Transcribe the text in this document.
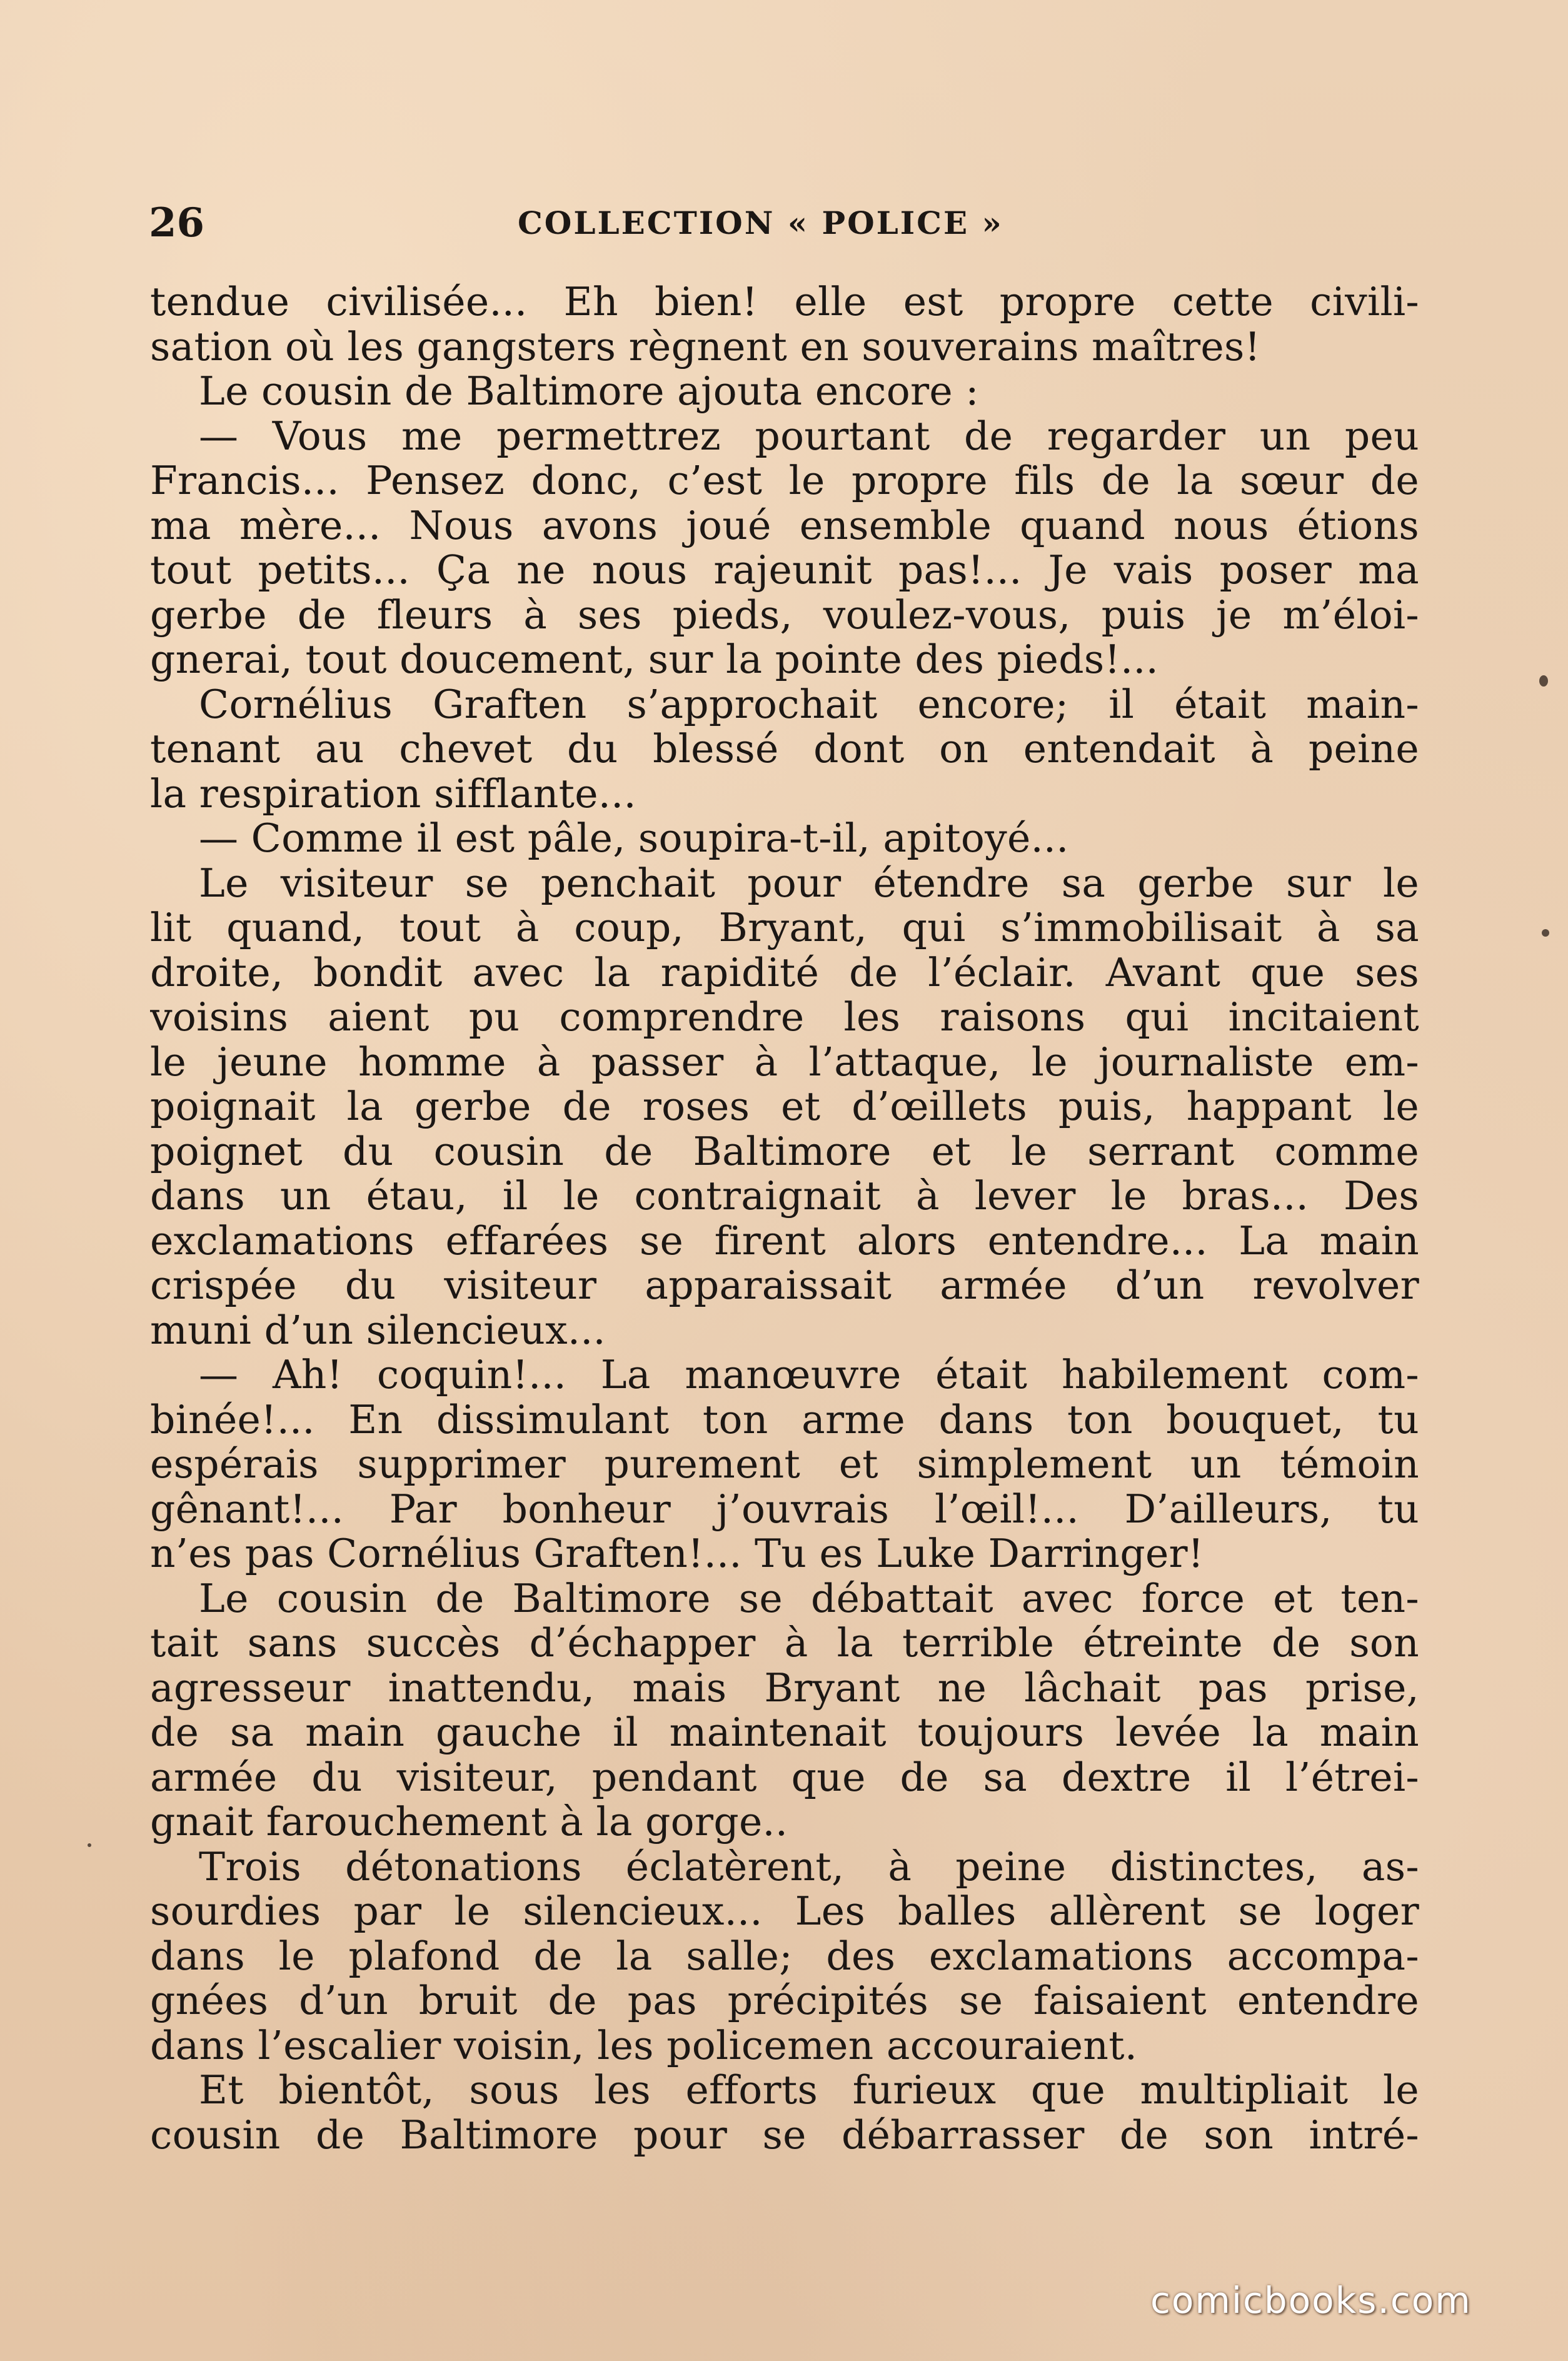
26	COLLECTION « POLICE »
tendue civilisée... Eh bien! elle est propre cette civili-
sation où les gangsters règnent en souverains maîtres!
Le cousin de Baltimore ajouta encore :
— Vous me permettrez pourtant de regarder un peu
Francis... Pensez donc, c’est le propre fils de la sœur de
ma mère... Nous avons joué ensemble quand nous étions
tout petits... Ça ne nous rajeunit pas!... Je vais poser ma
gerbe de fleurs à ses pieds, voulez-vous, puis je m’éloi-
gnerai, tout doucement, sur la pointe des pieds!...
Cornélius Graften s’approchait encore; il était main-
tenant au chevet du blessé dont on entendait à peine
la respiration sifflante...
— Comme il est pâle, soupira-t-il, apitoyé...
Le visiteur se penchait pour étendre sa gerbe sur le
lit quand, tout à coup, Bryant, qui s’immobilisait à sa
droite, bondit avec la rapidité de l’éclair. Avant que ses
voisins aient pu comprendre les raisons qui incitaient
le jeune homme à passer à l’attaque, le journaliste em-
poignait la gerbe de roses et d’œillets puis, happant le
poignet du cousin de Baltimore et le serrant comme
dans un étau, il le contraignait à lever le bras... Des
exclamations effarées se firent alors entendre... La main
crispée du visiteur apparaissait armée d’un revolver
muni d’un silencieux...
— Ah! coquin!... La manœuvre était habilement com-
binée!... En dissimulant ton arme dans ton bouquet, tu
espérais supprimer purement et simplement un témoin
gênant!... Par bonheur j’ouvrais l’œil!... D’ailleurs, tu
n’es pas Cornélius Graften!... Tu es Luke Darringer!
Le cousin de Baltimore se débattait avec force et ten-
tait sans succès d’échapper à la terrible étreinte de son
agresseur inattendu, mais Bryant ne lâchait pas prise,
de sa main gauche il maintenait toujours levée la main
armée du visiteur, pendant que de sa dextre il l’étrei-
gnait farouchement à la gorge..
Trois détonations éclatèrent, à peine distinctes, as-
sourdies par le silencieux... Les balles allèrent se loger
dans le plafond de la salle; des exclamations accompa-
gnées d’un bruit de pas précipités se faisaient entendre
dans l’escalier voisin, les policemen accouraient.
Et bientôt, sous les efforts furieux que multipliait le
cousin de Baltimore pour se débarrasser de son intré-
comicbooks.com
